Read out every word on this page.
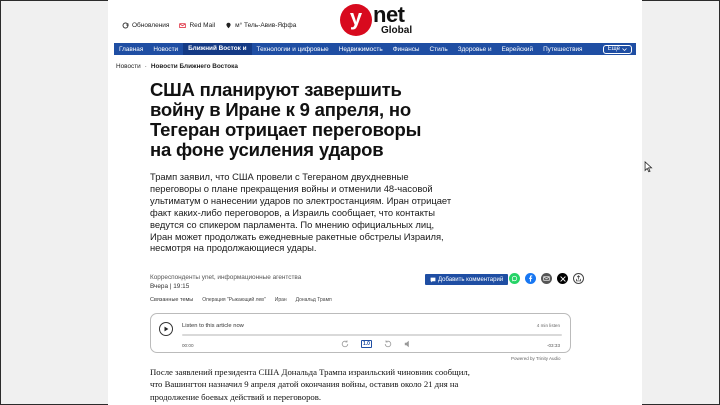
Обновления	Red Mail	м° Тель-Авив-Яффа	y net
Global
Главная	Новости	Ближний Восток и	Технологии и цифровые	Недвижимость	Финансы	Стиль	Здоровье и	Еврейский	Путешествия	Еще
Новости · Новости Ближнего Востока
США планируют завершить войну в Иране к 9 апреля, но Тегеран отрицает переговоры на фоне усиления ударов

Трамп заявил, что США провели с Тегераном двухдневные переговоры о плане прекращения войны и отменили 48-часовой ультиматум о нанесении ударов по электростанциям. Иран отрицает факт каких-либо переговоров, а Израиль сообщает, что контакты ведутся со спикером парламента. По мнению официальных лиц, Иран может продолжать ежедневные ракетные обстрелы Израиля, несмотря на продолжающиеся удары.

Корреспонденты ynet, информационные агентства
Вчера | 19:15
Добавить комментарий
Связанные темы Операция "Рыкающий лев" Иран Дональд Трамп
Listen to this article now	4 min listen
00:00	1.0	-03:33
Powered by Trinity Audio

После заявлений президента США Дональда Трампа израильский чиновник сообщил, что Вашингтон назначил 9 апреля датой окончания войны, оставив около 21 дня на продолжение боевых действий и переговоров.
